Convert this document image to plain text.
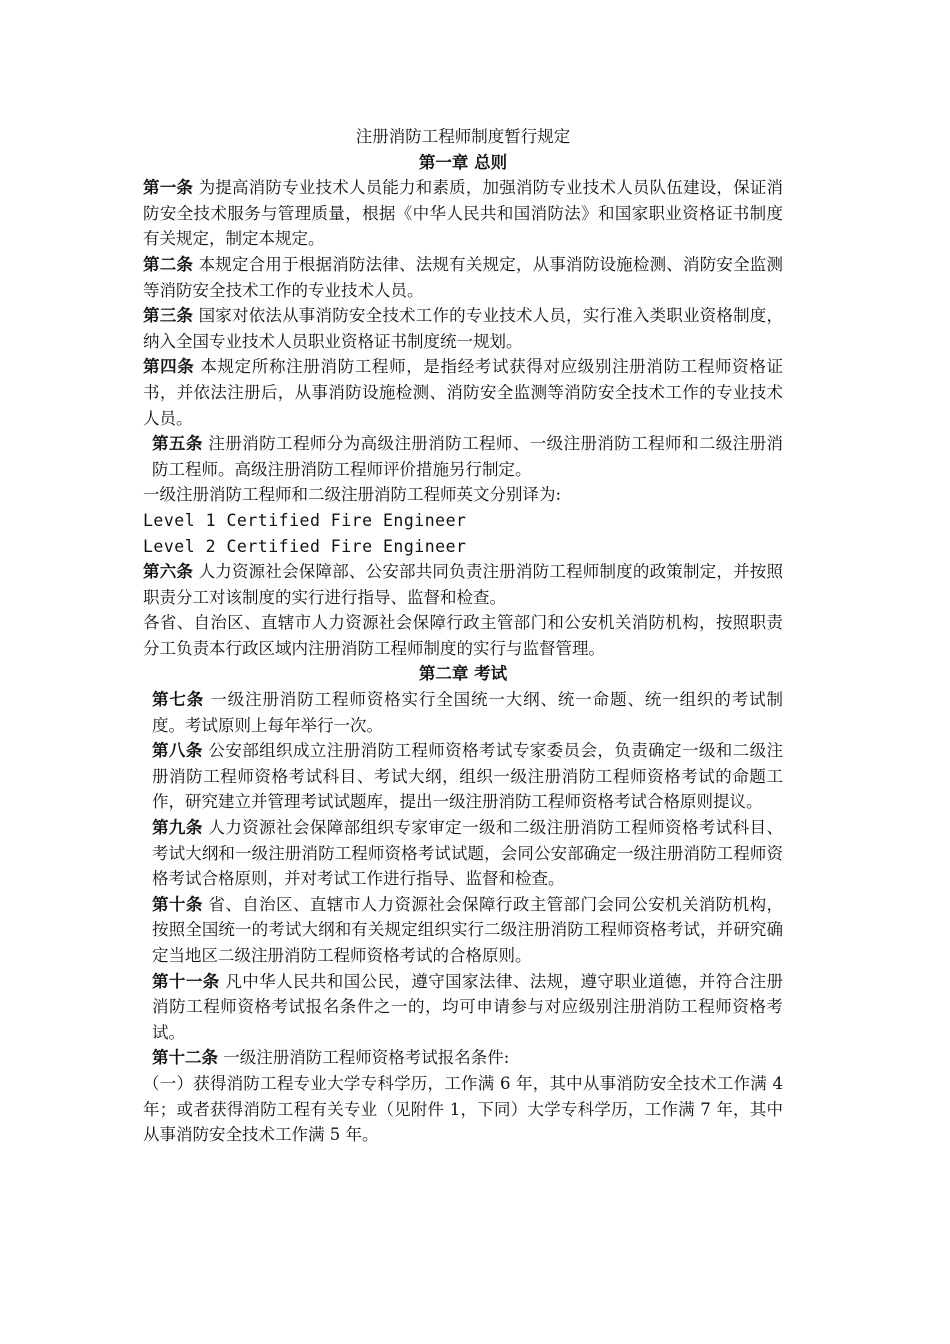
注册消防工程师制度暂行规定
第一章 总则

第一条 为提高消防专业技术人员能力和素质，加强消防专业技术人员队伍建设，保证消防安全技术服务与管理质量，根据《中华人民共和国消防法》和国家职业资格证书制度有关规定，制定本规定。

第二条 本规定合用于根据消防法律、法规有关规定，从事消防设施检测、消防安全监测等消防安全技术工作的专业技术人员。

第三条 国家对依法从事消防安全技术工作的专业技术人员，实行准入类职业资格制度，纳入全国专业技术人员职业资格证书制度统一规划。

第四条 本规定所称注册消防工程师，是指经考试获得对应级别注册消防工程师资格证书，并依法注册后，从事消防设施检测、消防安全监测等消防安全技术工作的专业技术人员。

第五条 注册消防工程师分为高级注册消防工程师、一级注册消防工程师和二级注册消防工程师。高级注册消防工程师评价措施另行制定。

一级注册消防工程师和二级注册消防工程师英文分别译为:

Level 1 Certified Fire Engineer

Level 2 Certified Fire Engineer

第六条 人力资源社会保障部、公安部共同负责注册消防工程师制度的政策制定，并按照职责分工对该制度的实行进行指导、监督和检查。

各省、自治区、直辖市人力资源社会保障行政主管部门和公安机关消防机构，按照职责分工负责本行政区域内注册消防工程师制度的实行与监督管理。

第二章 考试

第七条 一级注册消防工程师资格实行全国统一大纲、统一命题、统一组织的考试制度。考试原则上每年举行一次。

第八条 公安部组织成立注册消防工程师资格考试专家委员会，负责确定一级和二级注册消防工程师资格考试科目、考试大纲，组织一级注册消防工程师资格考试的命题工作，研究建立并管理考试试题库，提出一级注册消防工程师资格考试合格原则提议。

第九条 人力资源社会保障部组织专家审定一级和二级注册消防工程师资格考试科目、考试大纲和一级注册消防工程师资格考试试题，会同公安部确定一级注册消防工程师资格考试合格原则，并对考试工作进行指导、监督和检查。

第十条 省、自治区、直辖市人力资源社会保障行政主管部门会同公安机关消防机构，按照全国统一的考试大纲和有关规定组织实行二级注册消防工程师资格考试，并研究确定当地区二级注册消防工程师资格考试的合格原则。

第十一条 凡中华人民共和国公民，遵守国家法律、法规，遵守职业道德，并符合注册消防工程师资格考试报名条件之一的，均可申请参与对应级别注册消防工程师资格考试。

第十二条 一级注册消防工程师资格考试报名条件:

（一）获得消防工程专业大学专科学历，工作满 6 年，其中从事消防安全技术工作满 4 年；或者获得消防工程有关专业（见附件 1，下同）大学专科学历，工作满 7 年，其中从事消防安全技术工作满 5 年。
